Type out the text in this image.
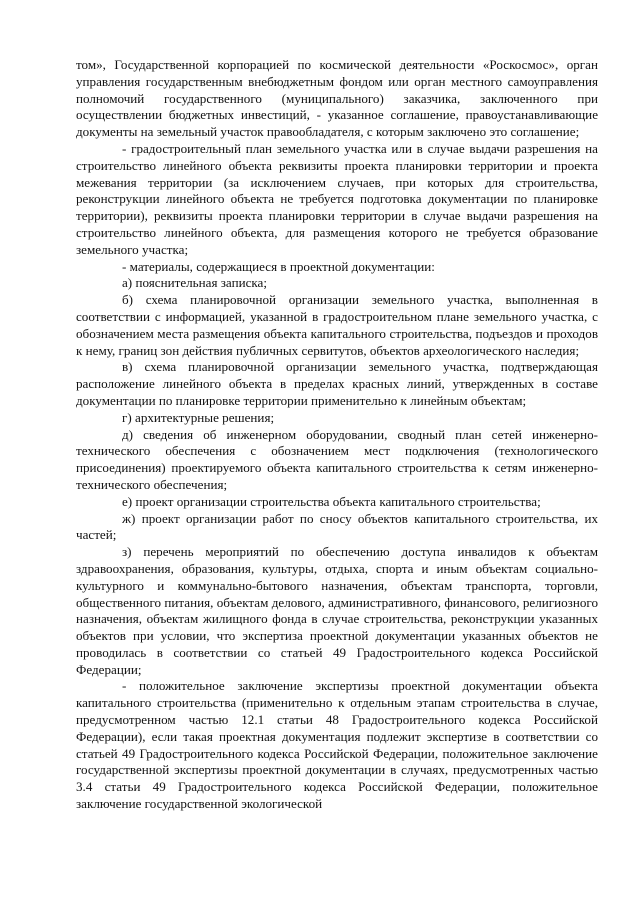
том», Государственной корпорацией по космической деятельности «Роскосмос», орган управления государственным внебюджетным фондом или орган местного самоуправления полномочий государственного (муниципального) заказчика, заключенного при осуществлении бюджетных инвестиций, - указанное соглашение, правоустанавливающие документы на земельный участок правообладателя, с которым заключено это соглашение;

- градостроительный план земельного участка или в случае выдачи разрешения на строительство линейного объекта реквизиты проекта планировки территории и проекта межевания территории (за исключением случаев, при которых для строительства, реконструкции линейного объекта не требуется подготовка документации по планировке территории), реквизиты проекта планировки территории в случае выдачи разрешения на строительство линейного объекта, для размещения которого не требуется образование земельного участка;

- материалы, содержащиеся в проектной документации:

а) пояснительная записка;

б) схема планировочной организации земельного участка, выполненная в соответствии с информацией, указанной в градостроительном плане земельного участка, с обозначением места размещения объекта капитального строительства, подъездов и проходов к нему, границ зон действия публичных сервитутов, объектов археологического наследия;

в) схема планировочной организации земельного участка, подтверждающая расположение линейного объекта в пределах красных линий, утвержденных в составе документации по планировке территории применительно к линейным объектам;

г) архитектурные решения;

д) сведения об инженерном оборудовании, сводный план сетей инженерно-технического обеспечения с обозначением мест подключения (технологического присоединения) проектируемого объекта капитального строительства к сетям инженерно-технического обеспечения;

е) проект организации строительства объекта капитального строительства;

ж) проект организации работ по сносу объектов капитального строительства, их частей;

з) перечень мероприятий по обеспечению доступа инвалидов к объектам здравоохранения, образования, культуры, отдыха, спорта и иным объектам социально-культурного и коммунально-бытового назначения, объектам транспорта, торговли, общественного питания, объектам делового, административного, финансового, религиозного назначения, объектам жилищного фонда в случае строительства, реконструкции указанных объектов при условии, что экспертиза проектной документации указанных объектов не проводилась в соответствии со статьей 49 Градостроительного кодекса Российской Федерации;

- положительное заключение экспертизы проектной документации объекта капитального строительства (применительно к отдельным этапам строительства в случае, предусмотренном частью 12.1 статьи 48 Градостроительного кодекса Российской Федерации), если такая проектная документация подлежит экспертизе в соответствии со статьей 49 Градостроительного кодекса Российской Федерации, положительное заключение государственной экспертизы проектной документации в случаях, предусмотренных частью 3.4 статьи 49 Градостроительного кодекса Российской Федерации, положительное заключение государственной экологической
